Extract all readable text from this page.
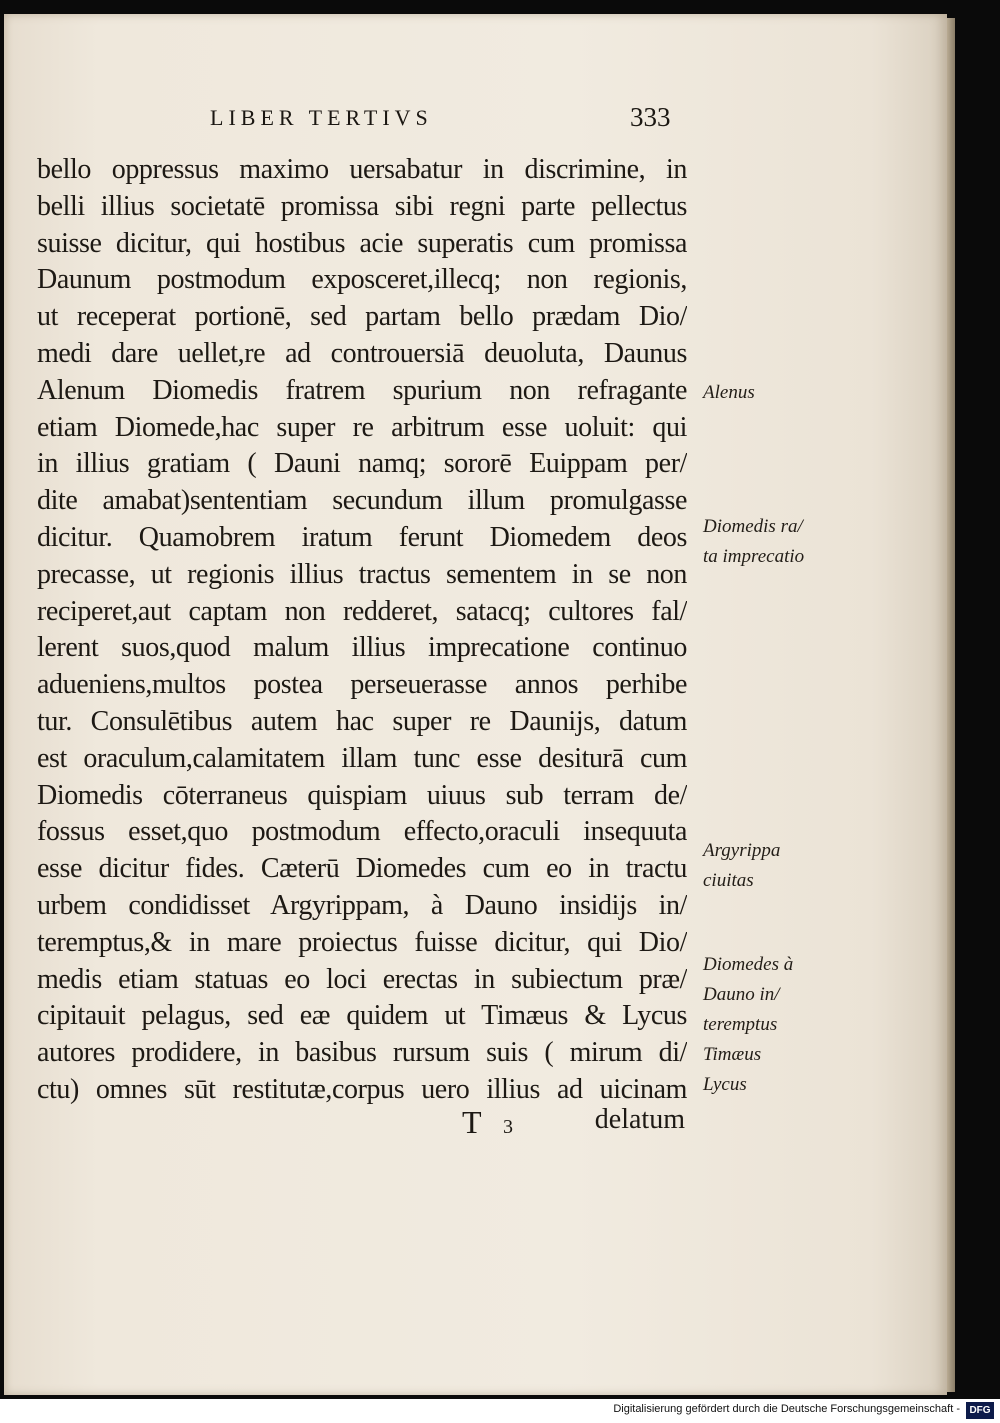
LIBER TERTIVS	333
bello oppressus maximo uersabatur in discrimine, in
belli illius societatē promissa sibi regni parte pellectus
suisse dicitur, qui hostibus acie superatis cum promissa
Daunum postmodum exposceret,illecq; non regionis,
ut receperat portionē, sed partam bello prædam Dio/
medi dare uellet,re ad controuersiā deuoluta, Daunus
Alenum Diomedis fratrem spurium non refragante
etiam Diomede,hac super re arbitrum esse uoluit: qui
in illius gratiam ( Dauni namq; sororē Euippam per/
dite amabat)sententiam secundum illum promulgasse
dicitur. Quamobrem iratum ferunt Diomedem deos
precasse, ut regionis illius tractus sementem in se non
reciperet,aut captam non redderet, satacq; cultores fal/
lerent suos,quod malum illius imprecatione continuo
adueniens,multos postea perseuerasse annos perhibe
tur. Consulētibus autem hac super re Daunijs, datum
est oraculum,calamitatem illam tunc esse desiturā cum
Diomedis cōterraneus quispiam uiuus sub terram de/
fossus esset,quo postmodum effecto,oraculi insequuta
esse dicitur fides. Cæterū Diomedes cum eo in tractu
urbem condidisset Argyrippam, à Dauno insidijs in/
teremptus,& in mare proiectus fuisse dicitur, qui Dio/
medis etiam statuas eo loci erectas in subiectum præ/
cipitauit pelagus, sed eæ quidem ut Timæus & Lycus
autores prodidere, in basibus rursum suis ( mirum di/
ctu) omnes sūt restitutæ,corpus uero illius ad uicinam
T 3	delatum
Alenus
Diomedis ra/
ta imprecatio
Argyrippa
ciuitas
Diomedes à
Dauno in/
teremptus
Timæus
Lycus
Digitalisierung gefördert durch die Deutsche Forschungsgemeinschaft - DFG
